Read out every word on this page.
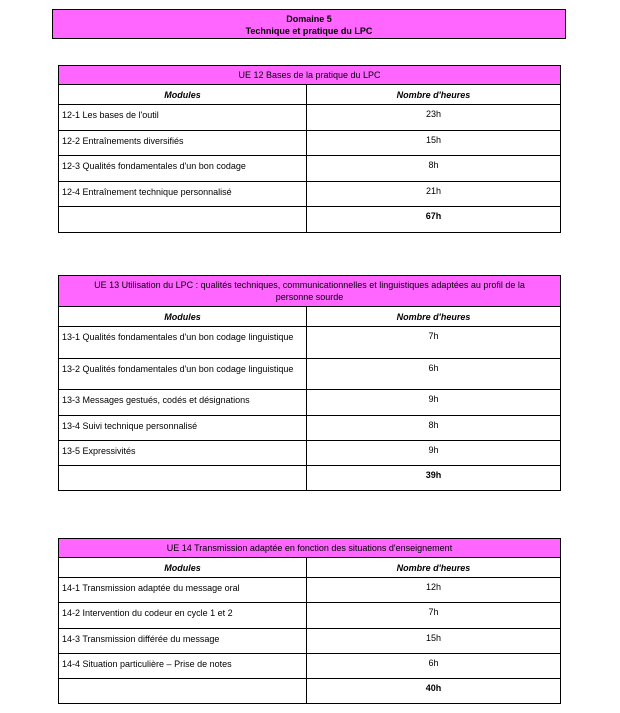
Domaine 5
Technique et pratique du LPC
UE 12 Bases de la pratique du LPC	
Modules	Nombre d'heures
12-1 Les bases de l'outil	23h
12-2 Entraînements diversifiés	15h
12-3 Qualités fondamentales d'un bon codage	8h
12-4 Entraînement technique personnalisé	21h
	67h
UE 13 Utilisation du LPC : qualités techniques, communicationnelles et linguistiques adaptées au profil de la
personne sourde	

Modules	Nombre d'heures
13-1 Qualités fondamentales d'un bon codage linguistique	7h
13-2 Qualités fondamentales d'un bon codage linguistique	6h
13-3 Messages gestués, codés et désignations	9h
13-4 Suivi technique personnalisé	8h
13-5 Expressivités	9h
	39h
UE 14 Transmission adaptée en fonction des situations d'enseignement	
Modules	Nombre d'heures
14-1 Transmission adaptée du message oral	12h
14-2 Intervention du codeur en cycle 1 et 2	7h
14-3 Transmission différée du message	15h
14-4 Situation particulière – Prise de notes	6h
	40h
